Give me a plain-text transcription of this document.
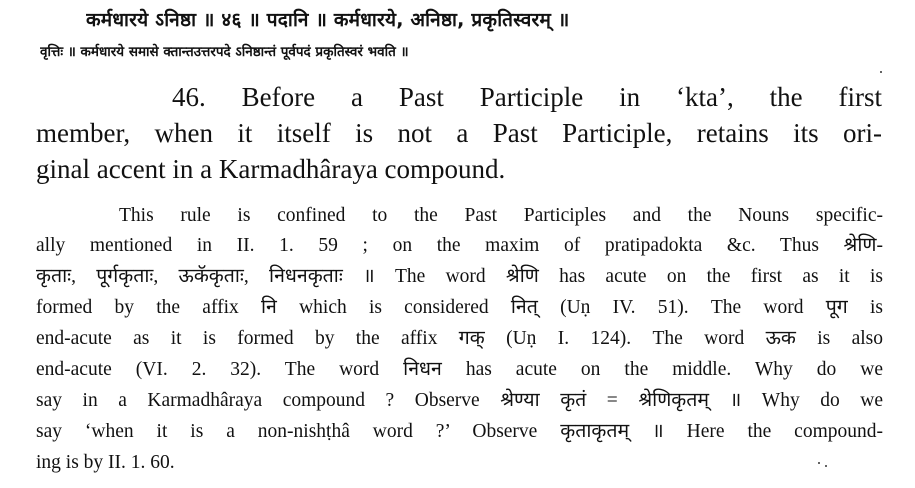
कर्मधारये ऽनिष्ठा ॥ ४६ ॥ पदानि ॥ कर्मधारये, अनिष्ठा, प्रकृतिस्वरम् ॥
वृत्तिः ॥ कर्मधारये समासे क्तान्तउत्तरपदे ऽनिष्ठान्तं पूर्वपदं प्रकृतिस्वरं भवति ॥
46. Before a Past Participle in ‘kta’, the first
member, when it itself is not a Past Participle, retains its ori-
ginal accent in a Karmadhâraya compound.
This rule is confined to the Past Participles and the Nouns specific-
ally mentioned in II. 1. 59 ; on the maxim of pratipadokta &c. Thus श्रेणि-
कृताः, पूर्गकृताः, ऊकॅकृताः, निधनकृताः ॥ The word श्रेणि has acute on the first as it is
formed by the affix नि which is considered नित् (Uṇ IV. 51). The word पूग is
end-acute as it is formed by the affix गक् (Uṇ I. 124). The word ऊक is also
end-acute (VI. 2. 32). The word निधन has acute on the middle. Why do we
say in a Karmadhâraya compound ? Observe श्रेण्या कृतं = श्रेणिकृतम् ॥ Why do we
say ‘when it is a non-nishṭhâ word ?’ Observe कृताकृतम् ॥ Here the compound-
ing is by II. 1. 60.
